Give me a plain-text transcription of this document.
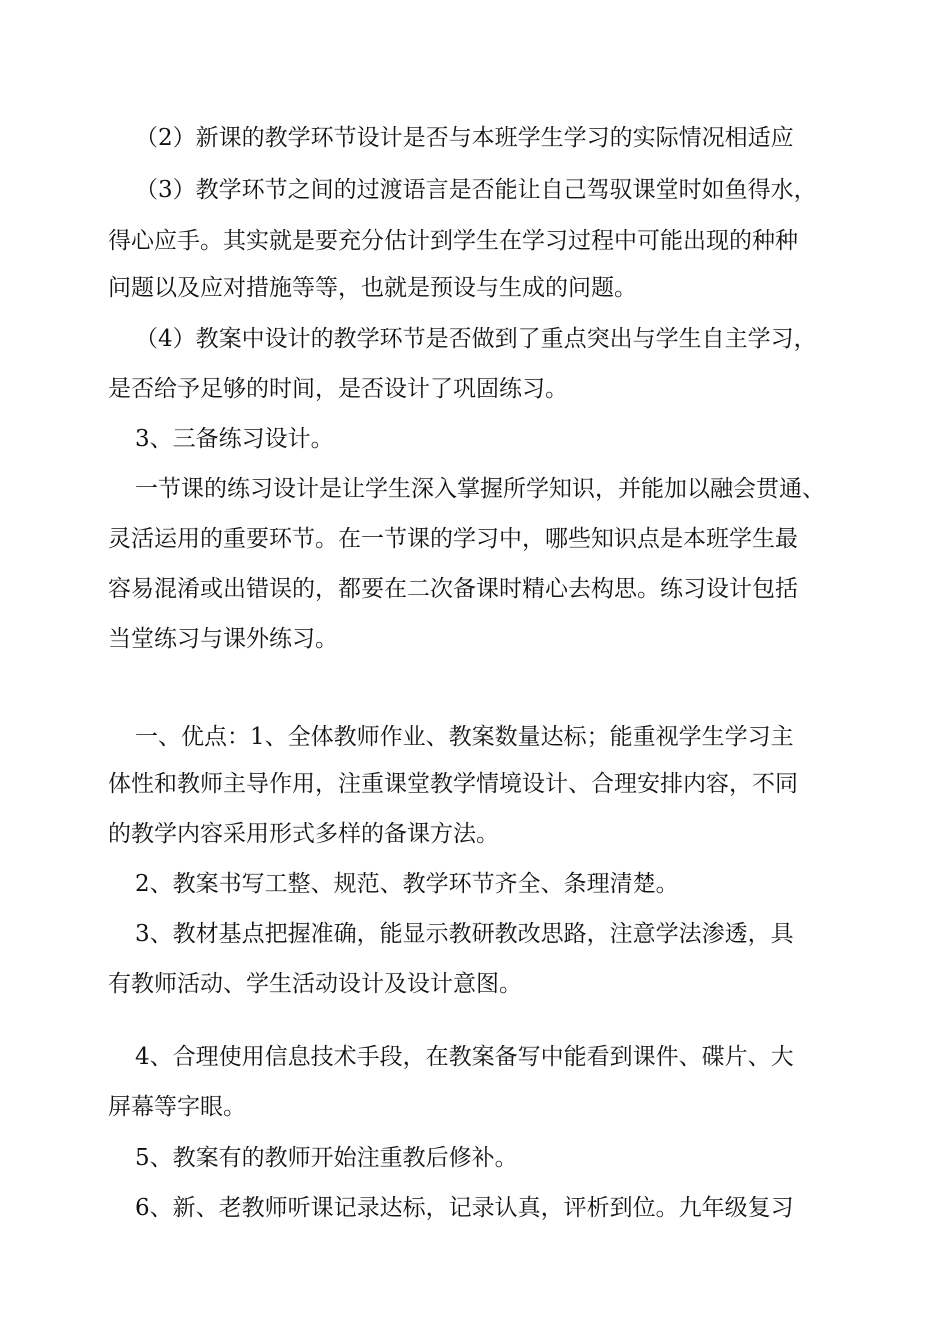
（2）新课的教学环节设计是否与本班学生学习的实际情况相适应
（3）教学环节之间的过渡语言是否能让自己驾驭课堂时如鱼得水，
得心应手。其实就是要充分估计到学生在学习过程中可能出现的种种
问题以及应对措施等等，也就是预设与生成的问题。
（4）教案中设计的教学环节是否做到了重点突出与学生自主学习，
是否给予足够的时间，是否设计了巩固练习。
3、三备练习设计。
一节课的练习设计是让学生深入掌握所学知识，并能加以融会贯通、
灵活运用的重要环节。在一节课的学习中，哪些知识点是本班学生最
容易混淆或出错误的，都要在二次备课时精心去构思。练习设计包括
当堂练习与课外练习。
一、优点：1、全体教师作业、教案数量达标；能重视学生学习主
体性和教师主导作用，注重课堂教学情境设计、合理安排内容，不同
的教学内容采用形式多样的备课方法。
2、教案书写工整、规范、教学环节齐全、条理清楚。
3、教材基点把握准确，能显示教研教改思路，注意学法渗透，具
有教师活动、学生活动设计及设计意图。
4、合理使用信息技术手段，在教案备写中能看到课件、碟片、大
屏幕等字眼。
5、教案有的教师开始注重教后修补。
6、新、老教师听课记录达标，记录认真，评析到位。九年级复习
